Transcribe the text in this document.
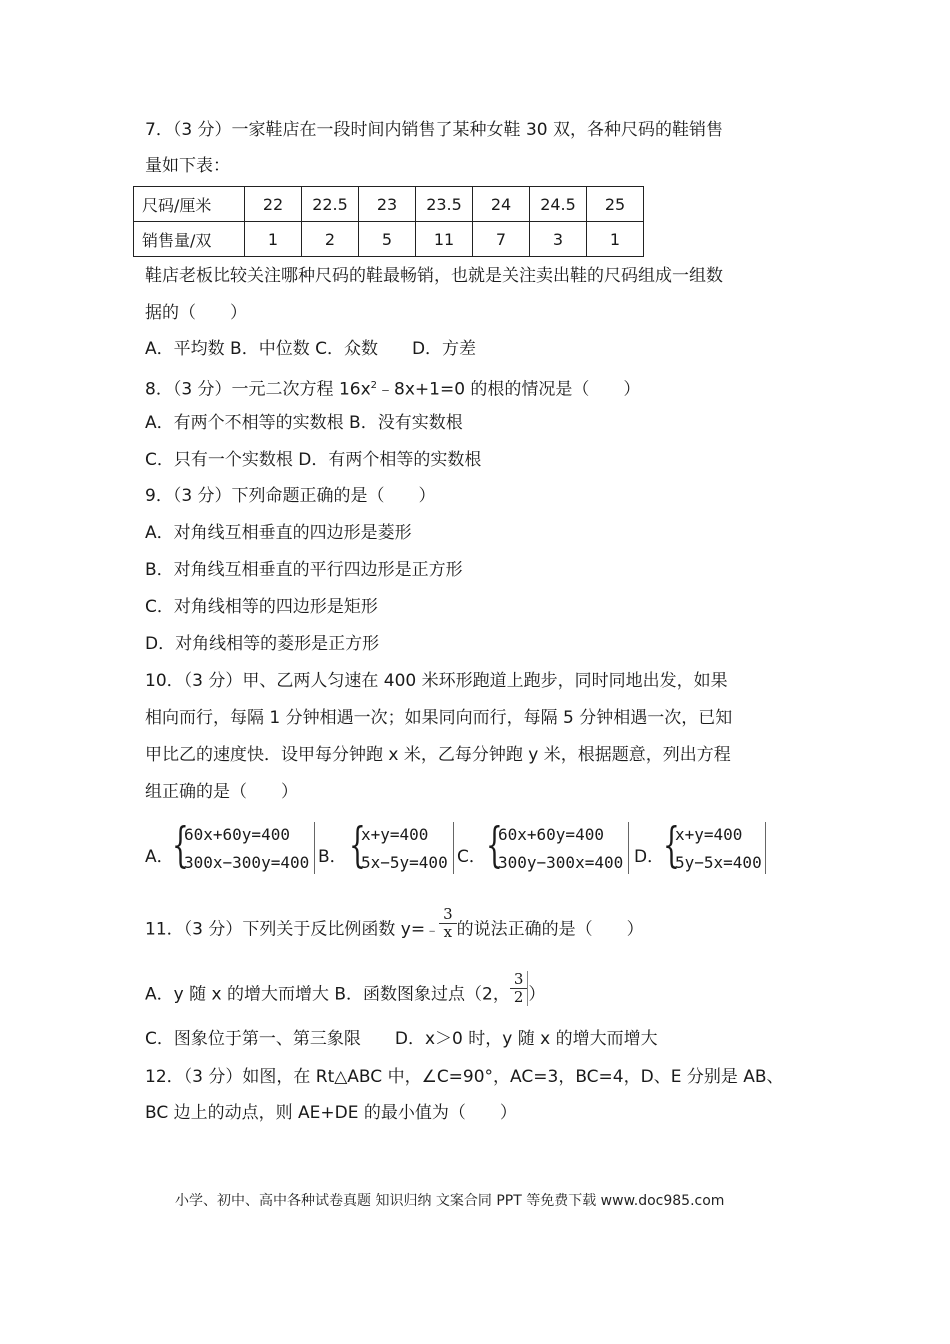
7．（3 分）一家鞋店在一段时间内销售了某种女鞋 30 双，各种尺码的鞋销售
量如下表：
尺码/厘米	22	22.5	23	23.5	24	24.5	25
销售量/双	1	2	5	11	7	3	1
鞋店老板比较关注哪种尺码的鞋最畅销，也就是关注卖出鞋的尺码组成一组数
据的（　　）
A．平均数 B．中位数 C．众数　　D．方差
8．（3 分）一元二次方程 $16x^2﹣8x+1=0$ 的根的情况是（　　）
A．有两个不相等的实数根 B．没有实数根
C．只有一个实数根 D．有两个相等的实数根
9．（3 分）下列命题正确的是（　　）
A．对角线互相垂直的四边形是菱形
B．对角线互相垂直的平行四边形是正方形
C．对角线相等的四边形是矩形
D．对角线相等的菱形是正方形
10．（3 分）甲、乙两人匀速在 400 米环形跑道上跑步，同时同地出发，如果
相向而行，每隔 1 分钟相遇一次；如果同向而行，每隔 5 分钟相遇一次，已知
甲比乙的速度快．设甲每分钟跑 x 米，乙每分钟跑 y 米，根据题意，列出方程
组正确的是（　　）
A．
{
60x+60y=400
300x−300y=400 B． {
x+y=400
5x−5y=400 C． {
60x+60y=400
300y−300x=400 D．
{
x+y=400
5y−5x=400
11．（3 分）下列关于反比例函数 y=﹣ $\frac{3}{x}$ 的说法正确的是（　　）
A．y 随 x 的增大而增大 B．函数图象过点（2， $\frac{3}{2}$ ）
C．图象位于第一、第三象限　　D．x＞0 时，y 随 x 的增大而增大
12．（3 分）如图，在 Rt△ABC 中，∠C=90°，AC=3，BC=4，D、E 分别是 AB、
BC 边上的动点，则 AE+DE 的最小值为（　　）
小学、初中、高中各种试卷真题 知识归纳 文案合同 PPT 等免费下载 www.doc985.com
